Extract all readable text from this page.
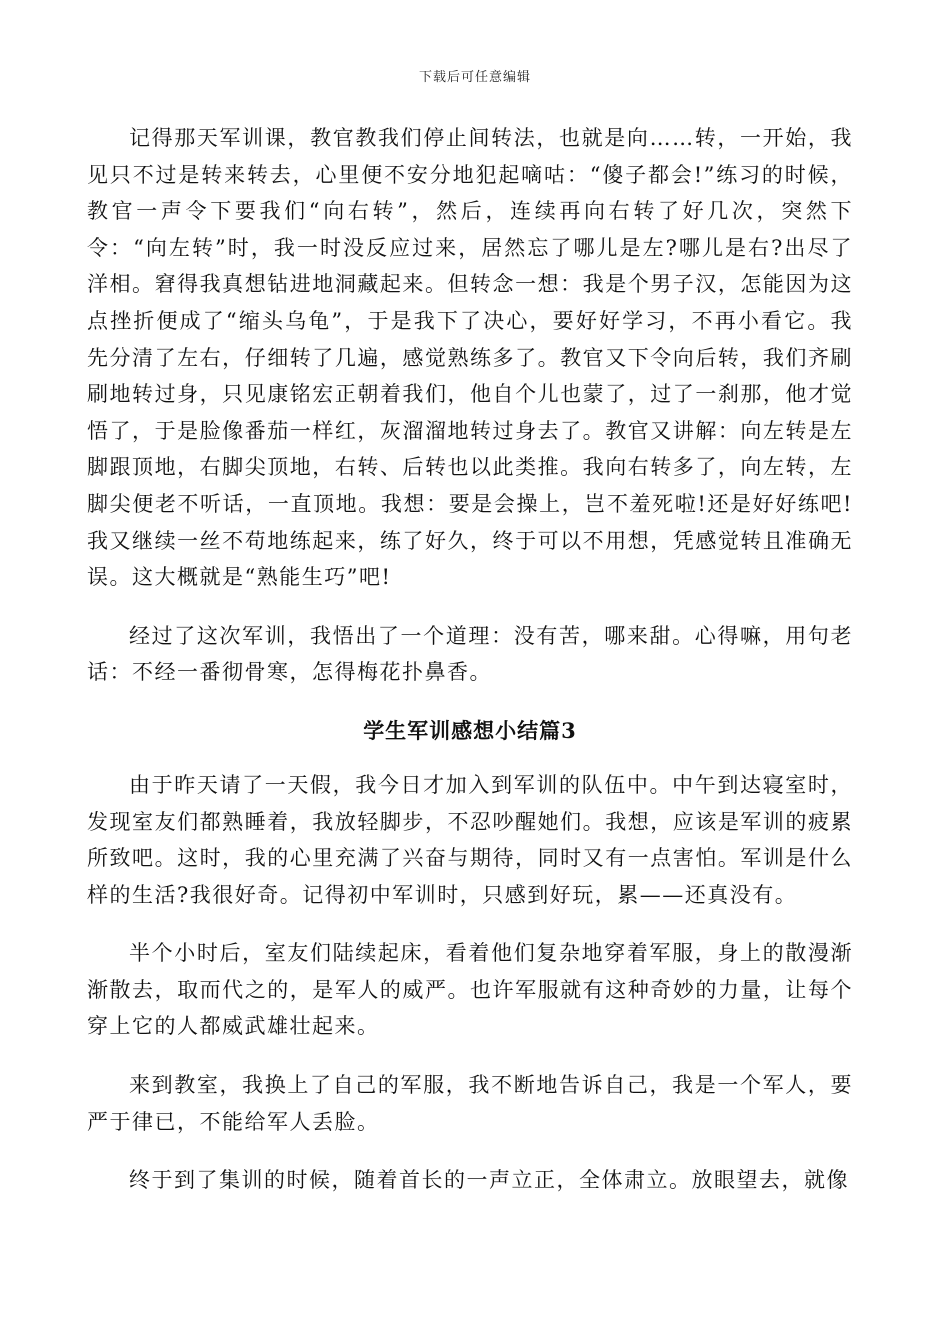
下载后可任意编辑

记得那天军训课，教官教我们停止间转法，也就是向……转，一开始，我见只不过是转来转去，心里便不安分地犯起嘀咕：“傻子都会!”练习的时候，教官一声令下要我们“向右转”，然后，连续再向右转了好几次，突然下令：“向左转”时，我一时没反应过来，居然忘了哪儿是左?哪儿是右?出尽了洋相。窘得我真想钻进地洞藏起来。但转念一想：我是个男子汉，怎能因为这点挫折便成了“缩头乌龟”，于是我下了决心，要好好学习，不再小看它。我先分清了左右，仔细转了几遍，感觉熟练多了。教官又下令向后转，我们齐刷刷地转过身，只见康铭宏正朝着我们，他自个儿也蒙了，过了一刹那，他才觉悟了，于是脸像番茄一样红，灰溜溜地转过身去了。教官又讲解：向左转是左脚跟顶地，右脚尖顶地，右转、后转也以此类推。我向右转多了，向左转，左脚尖便老不听话，一直顶地。我想：要是会操上，岂不羞死啦!还是好好练吧!我又继续一丝不苟地练起来，练了好久，终于可以不用想，凭感觉转且准确无误。这大概就是“熟能生巧”吧!

经过了这次军训，我悟出了一个道理：没有苦，哪来甜。心得嘛，用句老话：不经一番彻骨寒，怎得梅花扑鼻香。

学生军训感想小结篇3

由于昨天请了一天假，我今日才加入到军训的队伍中。中午到达寝室时，发现室友们都熟睡着，我放轻脚步，不忍吵醒她们。我想，应该是军训的疲累所致吧。这时，我的心里充满了兴奋与期待，同时又有一点害怕。军训是什么样的生活?我很好奇。记得初中军训时，只感到好玩，累——还真没有。

半个小时后，室友们陆续起床，看着他们复杂地穿着军服，身上的散漫渐渐散去，取而代之的，是军人的威严。也许军服就有这种奇妙的力量，让每个穿上它的人都威武雄壮起来。

来到教室，我换上了自己的军服，我不断地告诉自己，我是一个军人，要严于律已，不能给军人丢脸。

终于到了集训的时候，随着首长的一声立正，全体肃立。放眼望去，就像
